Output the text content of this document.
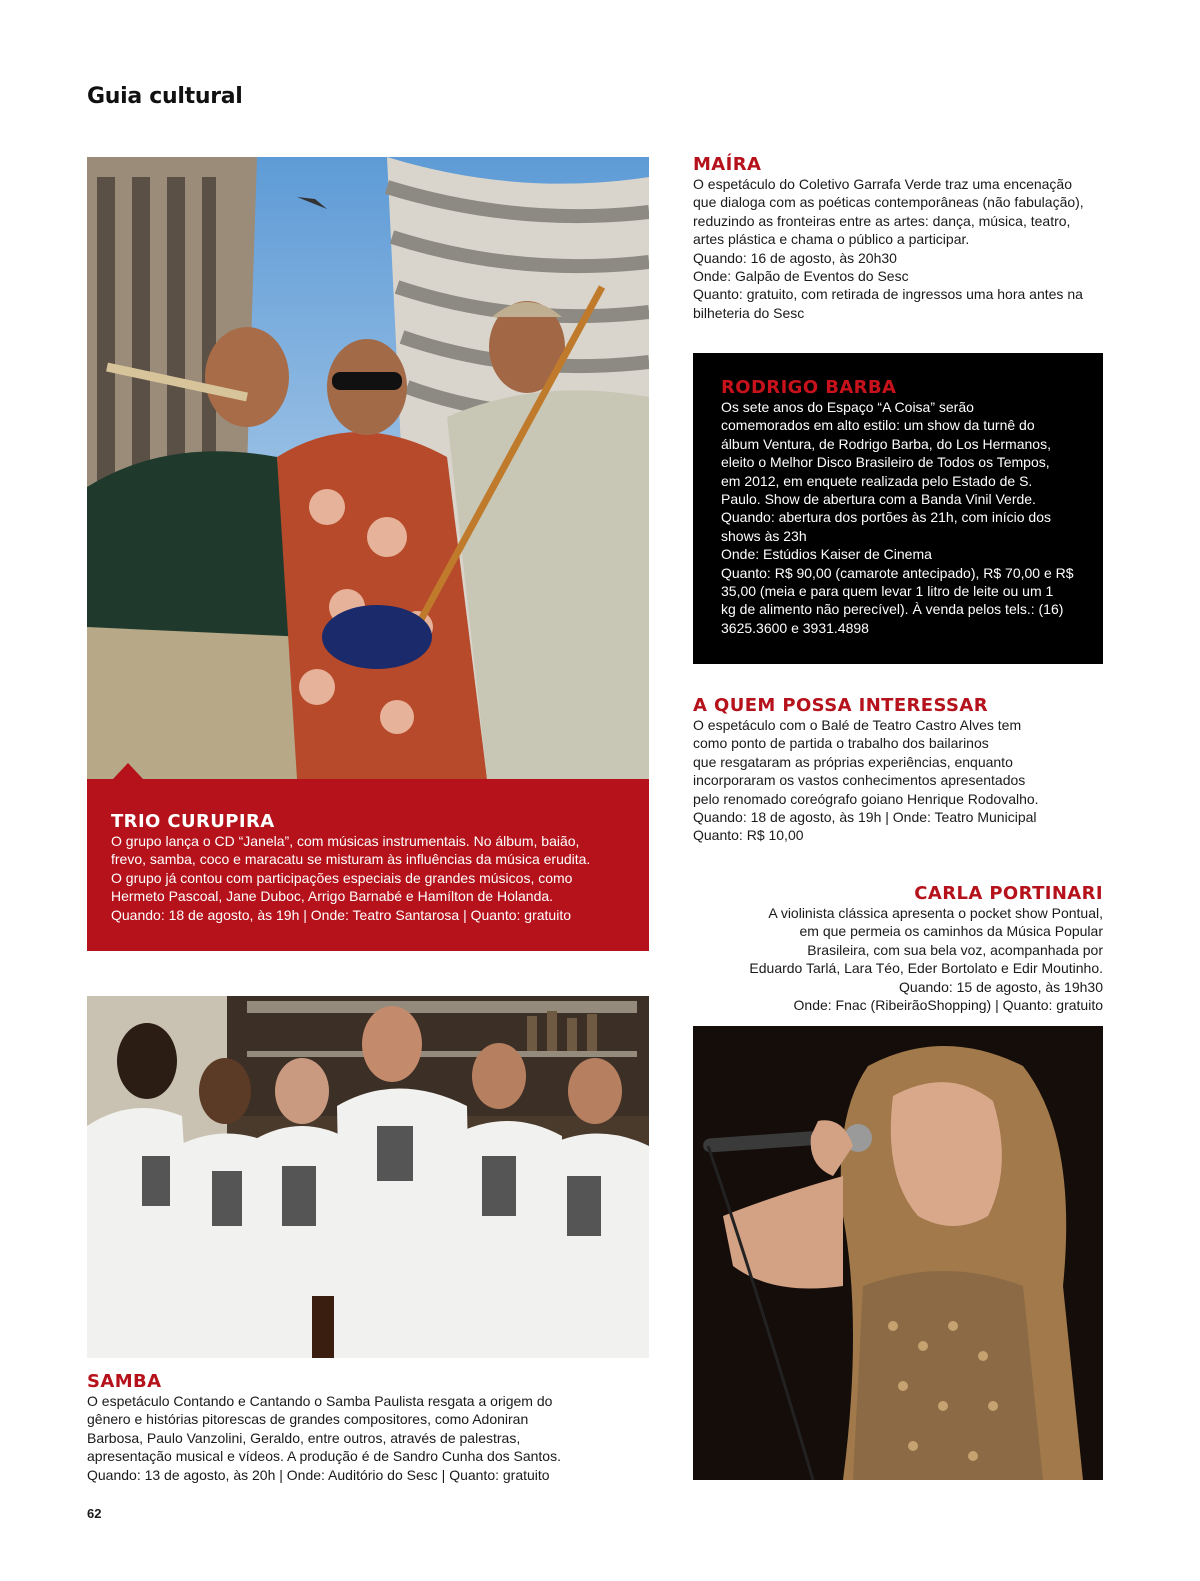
Guia cultural
TRIO CURUPIRA

O grupo lança o CD “Janela”, com músicas instrumentais. No álbum, baião,

frevo, samba, coco e maracatu se misturam às influências da música erudita.

O grupo já contou com participações especiais de grandes músicos, como

Hermeto Pascoal, Jane Duboc, Arrigo Barnabé e Hamílton de Holanda.

Quando: 18 de agosto, às 19h | Onde: Teatro Santarosa | Quanto: gratuito

MAÍRA

O espetáculo do Coletivo Garrafa Verde traz uma encenação

que dialoga com as poéticas contemporâneas (não fabulação),

reduzindo as fronteiras entre as artes: dança, música, teatro,

artes plástica e chama o público a participar.

Quando: 16 de agosto, às 20h30

Onde: Galpão de Eventos do Sesc

Quanto: gratuito, com retirada de ingressos uma hora antes na

bilheteria do Sesc

RODRIGO BARBA

Os sete anos do Espaço “A Coisa” serão

comemorados em alto estilo: um show da turnê do

álbum Ventura, de Rodrigo Barba, do Los Hermanos,

eleito o Melhor Disco Brasileiro de Todos os Tempos,

em 2012, em enquete realizada pelo Estado de S.

Paulo. Show de abertura com a Banda Vinil Verde.

Quando: abertura dos portões às 21h, com início dos

shows às 23h

Onde: Estúdios Kaiser de Cinema

Quanto: R$ 90,00 (camarote antecipado), R$ 70,00 e R$

35,00 (meia e para quem levar 1 litro de leite ou um 1

kg de alimento não perecível). À venda pelos tels.: (16)

3625.3600 e 3931.4898

A QUEM POSSA INTERESSAR

O espetáculo com o Balé de Teatro Castro Alves tem

como ponto de partida o trabalho dos bailarinos

que resgataram as próprias experiências, enquanto

incorporaram os vastos conhecimentos apresentados

pelo renomado coreógrafo goiano Henrique Rodovalho.

Quando: 18 de agosto, às 19h | Onde: Teatro Municipal

Quanto: R$ 10,00

CARLA PORTINARI

A violinista clássica apresenta o pocket show Pontual,

em que permeia os caminhos da Música Popular

Brasileira, com sua bela voz, acompanhada por

Eduardo Tarlá, Lara Téo, Eder Bortolato e Edir Moutinho.

Quando: 15 de agosto, às 19h30

Onde: Fnac (RibeirãoShopping) | Quanto: gratuito

SAMBA

O espetáculo Contando e Cantando o Samba Paulista resgata a origem do

gênero e histórias pitorescas de grandes compositores, como Adoniran

Barbosa, Paulo Vanzolini, Geraldo, entre outros, através de palestras,

apresentação musical e vídeos. A produção é de Sandro Cunha dos Santos.

Quando: 13 de agosto, às 20h | Onde: Auditório do Sesc | Quanto: gratuito

62
